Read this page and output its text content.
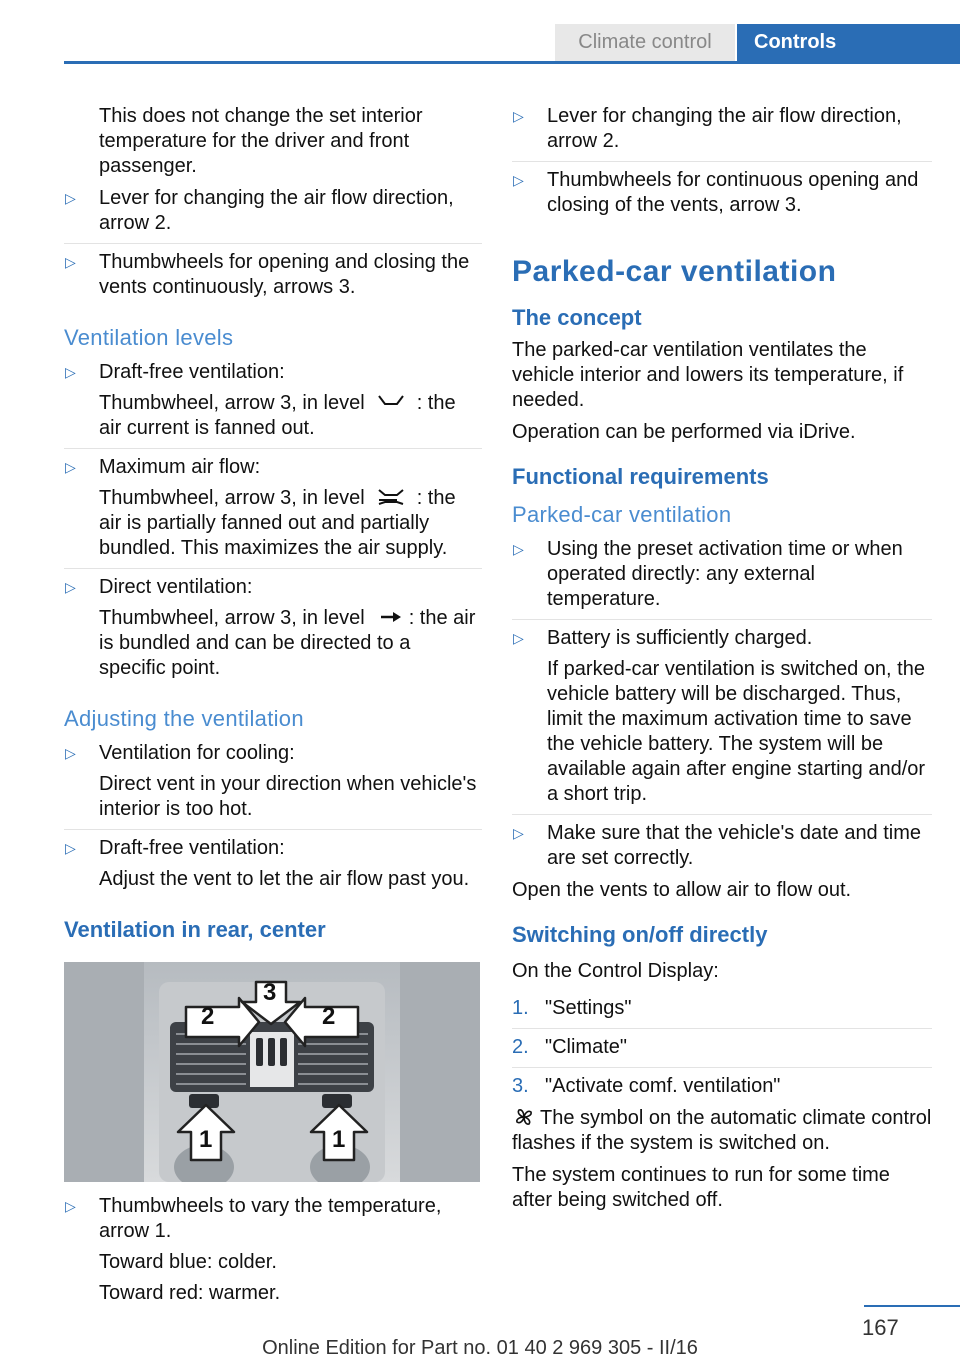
Climate control	Controls

This does not change the set interior temperature for the driver and front passenger.

▷ Lever for changing the air flow direction, arrow 2.
▷ Thumbwheels for opening and closing the vents continuously, arrows 3.
Ventilation levels
▷ Draft-free ventilation:
Thumbwheel, arrow 3, in level	: the air current is fanned out.
▷ Maximum air flow:
Thumbwheel, arrow 3, in level	: the air is partially fanned out and partially bundled. This maximizes the air supply.
▷ Direct ventilation:
Thumbwheel, arrow 3, in level : the air is bundled and can be directed to a specific point.
Adjusting the ventilation
▷ Ventilation for cooling:
Direct vent in your direction when vehicle's interior is too hot.
▷ Draft-free ventilation:
Adjust the vent to let the air flow past you.
Ventilation in rear, center
2	2
3
1	1
▷ Thumbwheels to vary the temperature, arrow 1.
Toward blue: colder.
Toward red: warmer.
▷ Lever for changing the air flow direction, arrow 2.
▷ Thumbwheels for continuous opening and closing of the vents, arrow 3.
Parked-car ventilation
The concept

The parked-car ventilation ventilates the vehicle interior and lowers its temperature, if needed.

Operation can be performed via iDrive.

Functional requirements
Parked-car ventilation
▷ Using the preset activation time or when operated directly: any external temperature.
▷ Battery is sufficiently charged.
If parked-car ventilation is switched on, the vehicle battery will be discharged. Thus, limit the maximum activation time to save the vehicle battery. The system will be available again after engine starting and/or a short trip.
▷ Make sure that the vehicle's date and time are set correctly.

Open the vents to allow air to flow out.

Switching on/off directly

On the Control Display:

1. "Settings"
2. "Climate"
3. "Activate comf. ventilation"

The symbol on the automatic climate control flashes if the system is switched on.

The system continues to run for some time after being switched off.

167
Online Edition for Part no. 01 40 2 969 305 - II/16
